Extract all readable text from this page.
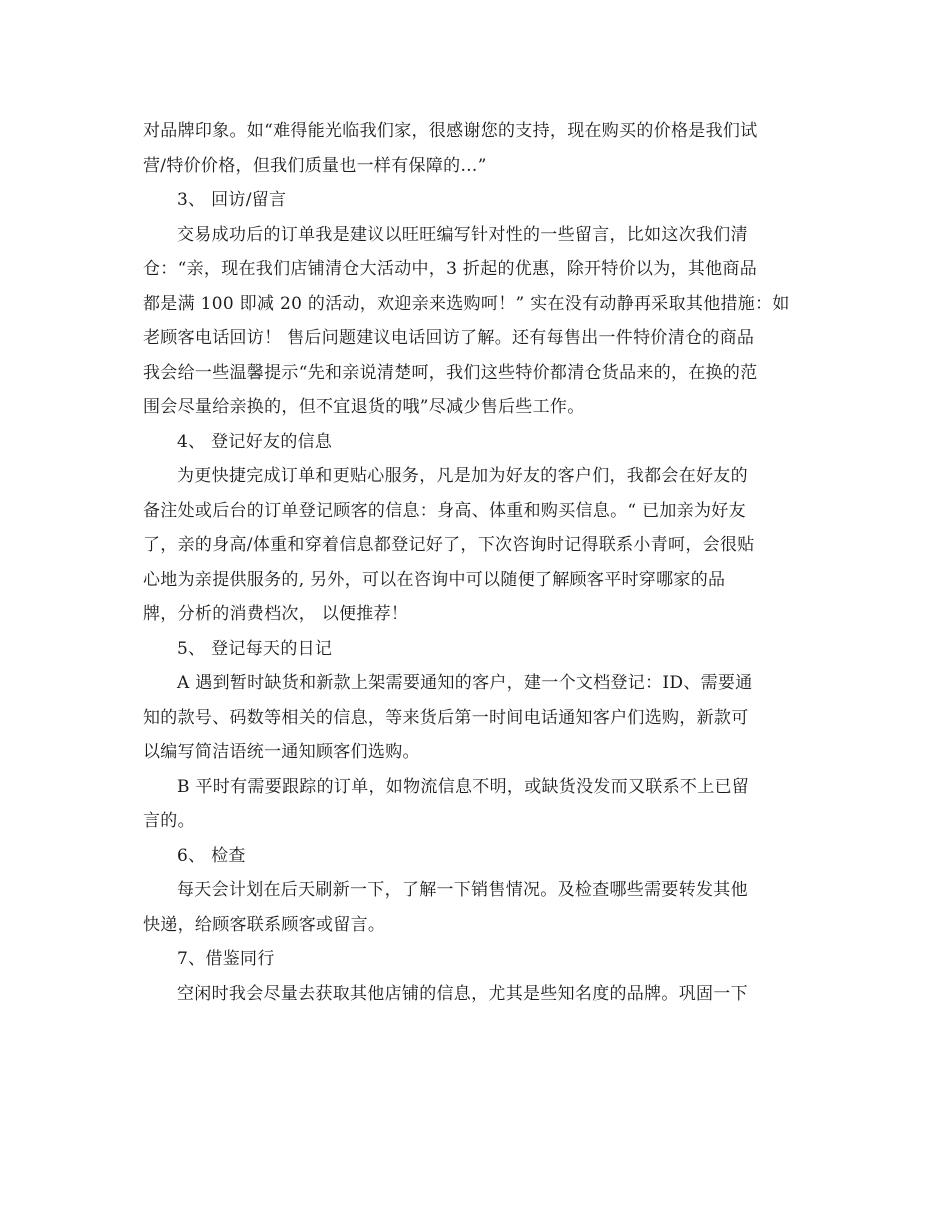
对品牌印象。如“难得能光临我们家，很感谢您的支持，现在购买的价格是我们试
营/特价价格，但我们质量也一样有保障的…”
3、 回访/留言
交易成功后的订单我是建议以旺旺编写针对性的一些留言，比如这次我们清
仓：“亲，现在我们店铺清仓大活动中，3 折起的优惠，除开特价以为，其他商品
都是满 100 即减 20 的活动，欢迎亲来选购呵！” 实在没有动静再采取其他措施：如
老顾客电话回访！ 售后问题建议电话回访了解。还有每售出一件特价清仓的商品
我会给一些温馨提示“先和亲说清楚呵，我们这些特价都清仓货品来的，在换的范
围会尽量给亲换的，但不宜退货的哦”尽减少售后些工作。
4、 登记好友的信息
为更快捷完成订单和更贴心服务，凡是加为好友的客户们，我都会在好友的
备注处或后台的订单登记顾客的信息：身高、体重和购买信息。“ 已加亲为好友
了，亲的身高/体重和穿着信息都登记好了，下次咨询时记得联系小青呵，会很贴
心地为亲提供服务的, 另外，可以在咨询中可以随便了解顾客平时穿哪家的品
牌，分析的消费档次， 以便推荐！
5、 登记每天的日记
A 遇到暂时缺货和新款上架需要通知的客户，建一个文档登记：ID、需要通
知的款号、码数等相关的信息，等来货后第一时间电话通知客户们选购，新款可
以编写简洁语统一通知顾客们选购。
B 平时有需要跟踪的订单，如物流信息不明，或缺货没发而又联系不上已留
言的。
6、 检查
每天会计划在后天刷新一下，了解一下销售情况。及检查哪些需要转发其他
快递，给顾客联系顾客或留言。
7、借鉴同行
空闲时我会尽量去获取其他店铺的信息，尤其是些知名度的品牌。巩固一下
